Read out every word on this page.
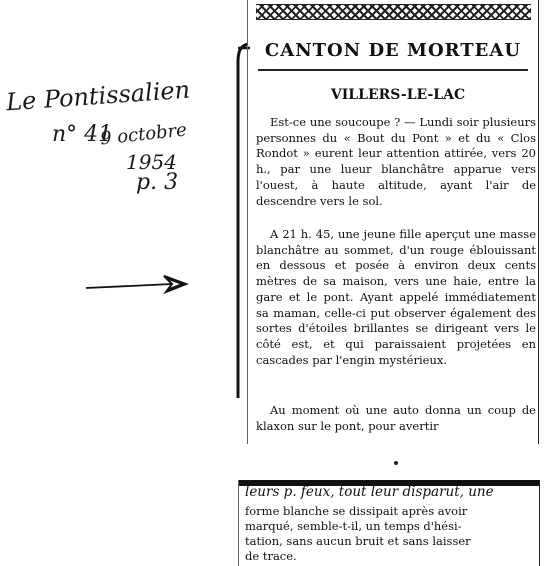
Le Pontissalien
n° 41
9 octobre
1954
p. 3
CANTON DE MORTEAU
VILLERS-LE-LAC

Est-ce une soucoupe ? — Lundi soir plusieurs personnes du « Bout du Pont » et du « Clos Rondot » eurent leur attention attirée, vers 20 h., par une lueur blanchâtre apparue vers l'ouest, à haute altitude, ayant l'air de descendre vers le sol.

A 21 h. 45, une jeune fille aperçut une masse blanchâtre au sommet, d'un rouge éblouissant en dessous et posée à environ deux cents mètres de sa maison, vers une haie, entre la gare et le pont. Ayant appelé immédiatement sa maman, celle-ci put observer également des sortes d'étoiles brillantes se dirigeant vers le côté est, et qui paraissaient projetées en cascades par l'engin mystérieux.

Au moment où une auto donna un coup de klaxon sur le pont, pour avertir

leurs p. feux, tout leur disparut, une
forme blanche se dissipait après avoir
marqué, semble-t-il, un temps d'hési-
tation, sans aucun bruit et sans laisser
de trace.
